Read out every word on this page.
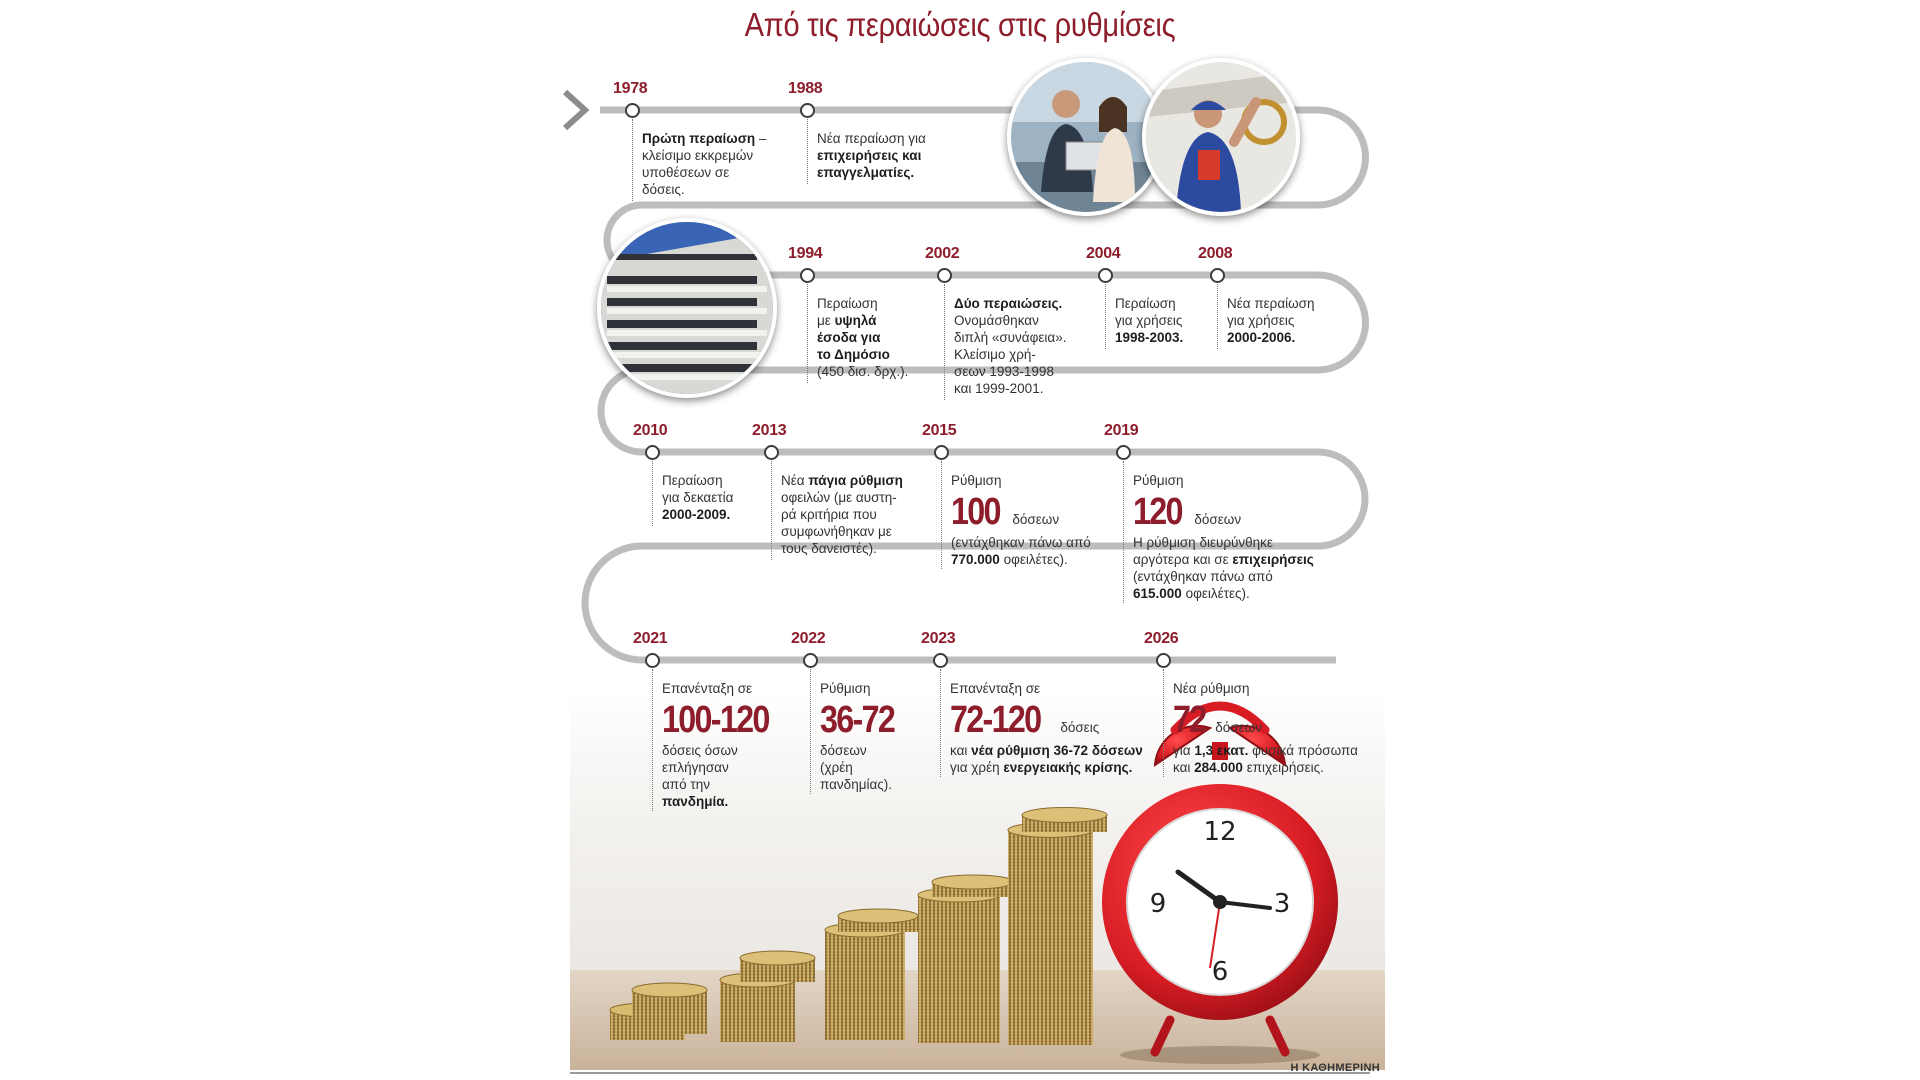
Από τις περαιώσεις στις ρυθμίσεις
12
3
6
9
1978
Πρώτη περαίωση –
κλείσιμο εκκρεμών
υποθέσεων σε
δόσεις.
1988
Νέα περαίωση για
επιχειρήσεις και
επαγγελματίες.
1994
Περαίωση
με υψηλά
έσοδα για
το Δημόσιο
(450 δισ. δρχ.).
2002
Δύο περαιώσεις.
Ονομάσθηκαν
διπλή «συνάφεια».
Κλείσιμο χρή-
σεων 1993-1998
και 1999-2001.
2004
Περαίωση
για χρήσεις
1998-2003.
2008
Νέα περαίωση
για χρήσεις
2000-2006.
2010
Περαίωση
για δεκαετία
2000-2009.
2013
Νέα πάγια ρύθμιση
οφειλών (με αυστη-
ρά κριτήρια που
συμφωνήθηκαν με
τους δανειστές).
2015
Ρύθμιση
100 δόσεων
(εντάχθηκαν πάνω από
770.000 οφειλέτες).
2019
Ρύθμιση
120 δόσεων
Η ρύθμιση διευρύνθηκε
αργότερα και σε επιχειρήσεις
(εντάχθηκαν πάνω από
615.000 οφειλέτες).
2021
Επανένταξη σε
100-120
δόσεις όσων
επλήγησαν
από την
πανδημία.
2022
Ρύθμιση
36-72
δόσεων
(χρέη
πανδημίας).
2023
Επανένταξη σε
72-120 δόσεις
και νέα ρύθμιση 36-72 δόσεων
για χρέη ενεργειακής κρίσης.
2026
Νέα ρύθμιση
72 δόσεων
για 1,3 εκατ. φυσικά πρόσωπα
και 284.000 επιχειρήσεις.
Η ΚΑΘΗΜΕΡΙΝΗ
